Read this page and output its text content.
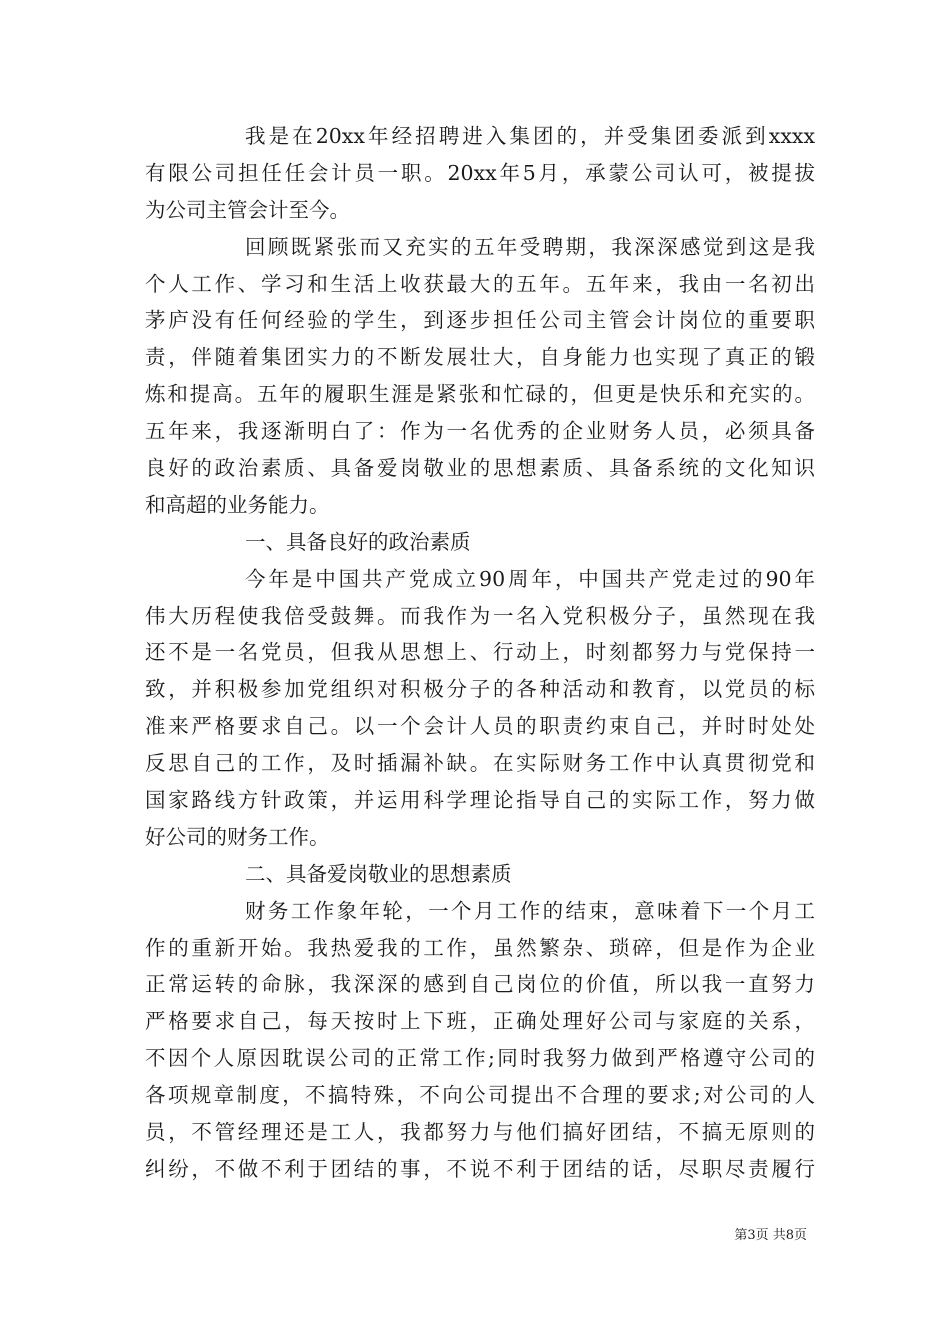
我是在20xx年经招聘进入集团的，并受集团委派到xxxx
有限公司担任任会计员一职。20xx年5月，承蒙公司认可，被提拔
为公司主管会计至今。
回顾既紧张而又充实的五年受聘期，我深深感觉到这是我
个人工作、学习和生活上收获最大的五年。五年来，我由一名初出
茅庐没有任何经验的学生，到逐步担任公司主管会计岗位的重要职
责，伴随着集团实力的不断发展壮大，自身能力也实现了真正的锻
炼和提高。五年的履职生涯是紧张和忙碌的，但更是快乐和充实的。
五年来，我逐渐明白了：作为一名优秀的企业财务人员，必须具备
良好的政治素质、具备爱岗敬业的思想素质、具备系统的文化知识
和高超的业务能力。
一、具备良好的政治素质
今年是中国共产党成立90周年，中国共产党走过的90年
伟大历程使我倍受鼓舞。而我作为一名入党积极分子，虽然现在我
还不是一名党员，但我从思想上、行动上，时刻都努力与党保持一
致，并积极参加党组织对积极分子的各种活动和教育，以党员的标
准来严格要求自己。以一个会计人员的职责约束自己，并时时处处
反思自己的工作，及时插漏补缺。在实际财务工作中认真贯彻党和
国家路线方针政策，并运用科学理论指导自己的实际工作，努力做
好公司的财务工作。
二、具备爱岗敬业的思想素质
财务工作象年轮，一个月工作的结束，意味着下一个月工
作的重新开始。我热爱我的工作，虽然繁杂、琐碎，但是作为企业
正常运转的命脉，我深深的感到自己岗位的价值，所以我一直努力
严格要求自己，每天按时上下班，正确处理好公司与家庭的关系，
不因个人原因耽误公司的正常工作;同时我努力做到严格遵守公司的
各项规章制度，不搞特殊，不向公司提出不合理的要求;对公司的人
员，不管经理还是工人，我都努力与他们搞好团结，不搞无原则的
纠纷，不做不利于团结的事，不说不利于团结的话，尽职尽责履行
第3页 共8页
